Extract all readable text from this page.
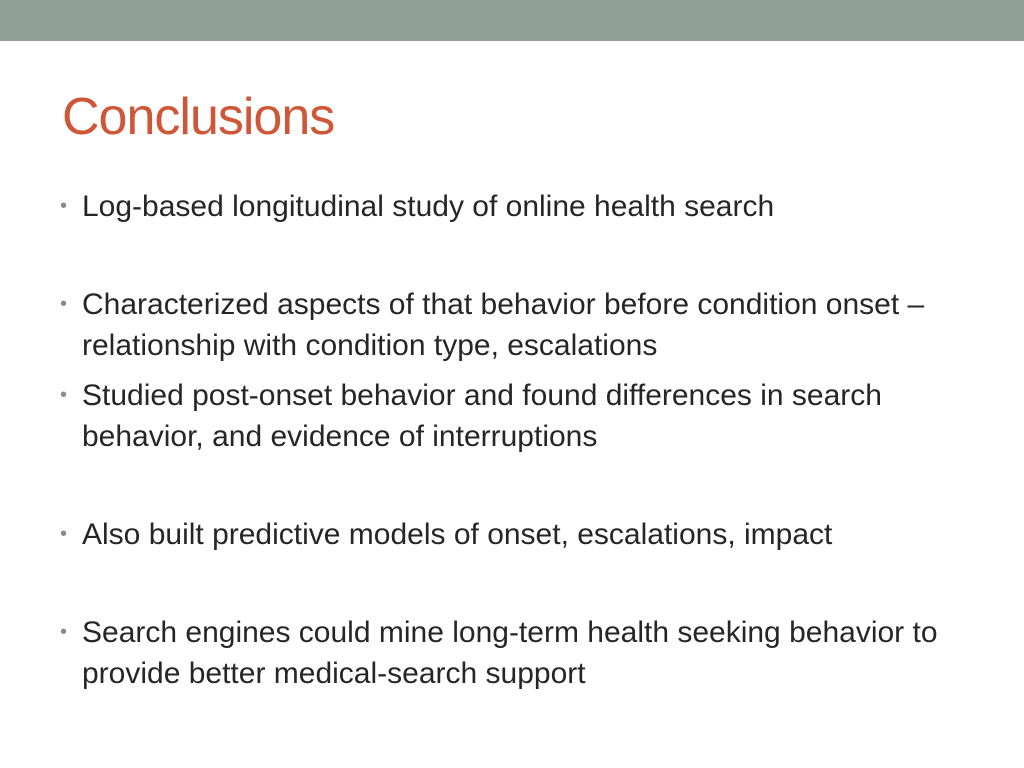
Conclusions
• Log-based longitudinal study of online health search
• Characterized aspects of that behavior before condition onset – relationship with condition type, escalations
• Studied post-onset behavior and found differences in search behavior, and evidence of interruptions
• Also built predictive models of onset, escalations, impact
• Search engines could mine long-term health seeking behavior to provide better medical-search support
